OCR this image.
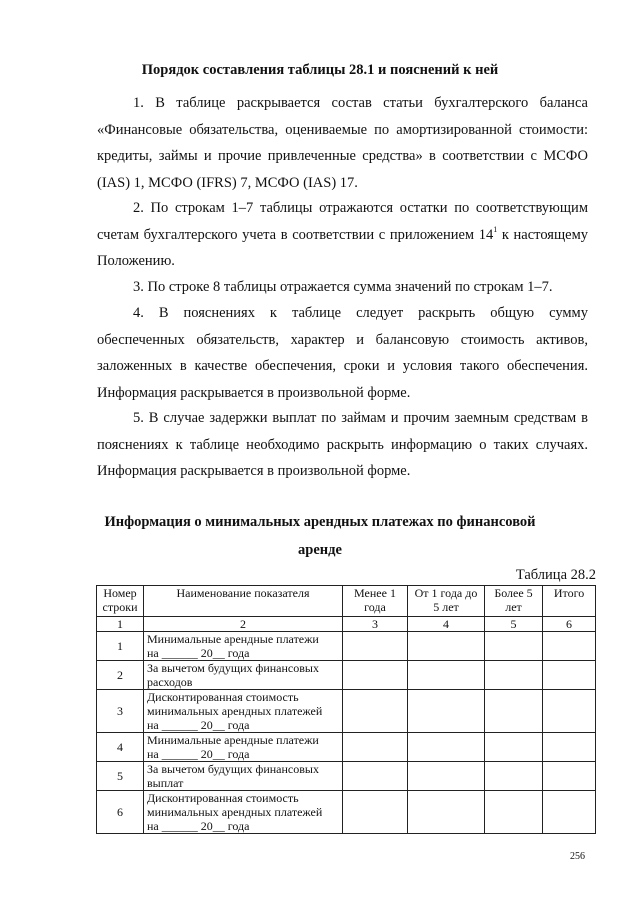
Порядок составления таблицы 28.1 и пояснений к ней
1. В таблице раскрывается состав статьи бухгалтерского баланса «Финансовые обязательства, оцениваемые по амортизированной стоимости: кредиты, займы и прочие привлеченные средства» в соответствии с МСФО (IAS) 1, МСФО (IFRS) 7, МСФО (IAS) 17.
2. По строкам 1–7 таблицы отражаются остатки по соответствующим счетам бухгалтерского учета в соответствии с приложением $14^1$ к настоящему Положению.
3. По строке 8 таблицы отражается сумма значений по строкам 1–7.
4. В пояснениях к таблице следует раскрыть общую сумму обеспеченных обязательств, характер и балансовую стоимость активов, заложенных в качестве обеспечения, сроки и условия такого обеспечения. Информация раскрывается в произвольной форме.
5. В случае задержки выплат по займам и прочим заемным средствам в пояснениях к таблице необходимо раскрыть информацию о таких случаях. Информация раскрывается в произвольной форме.
Информация о минимальных арендных платежах по финансовой
аренде
Таблица 28.2
Номер строки	Наименование показателя	Менее 1 года	От 1 года до 5 лет	Более 5 лет	Итого
1	2	3	4	5	6
1	Минимальные арендные платежи
на ______ 20__ года				

2	За вычетом будущих финансовых
расходов				

3	Дисконтированная стоимость
минимальных арендных платежей
на ______ 20__ года				

4	Минимальные арендные платежи
на ______ 20__ года				

5	За вычетом будущих финансовых
выплат				

6	Дисконтированная стоимость
минимальных арендных платежей
на ______ 20__ года				

256
